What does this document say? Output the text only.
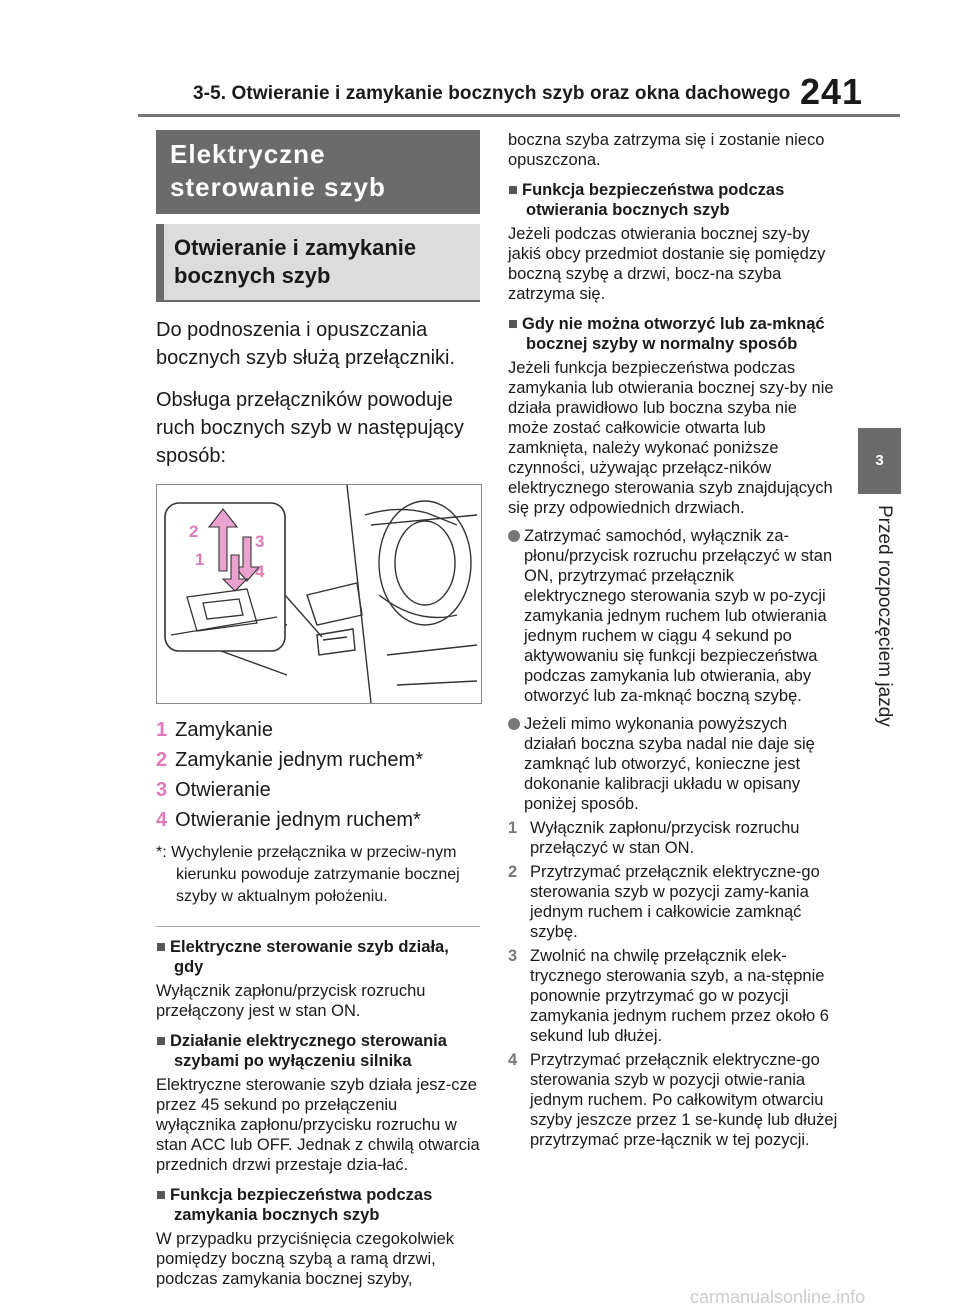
3-5. Otwieranie i zamykanie bocznych szyb oraz okna dachowego 241
3
Przed rozpoczęciem jazdy
Elektryczne sterowanie szyb
Otwieranie i zamykanie bocznych szyb
Do podnoszenia i opuszczania bocznych szyb służą przełączniki.
Obsługa przełączników powoduje ruch bocznych szyb w następujący sposób:
2
3
1
4
1 Zamykanie
2 Zamykanie jednym ruchem*
3 Otwieranie
4 Otwieranie jednym ruchem*
*: Wychylenie przełącznika w przeciw-nym kierunku powoduje zatrzymanie bocznej szyby w aktualnym położeniu.
■ Elektryczne sterowanie szyb działa, gdy
Wyłącznik zapłonu/przycisk rozruchu przełączony jest w stan ON.
■ Działanie elektrycznego sterowania szybami po wyłączeniu silnika
Elektryczne sterowanie szyb działa jesz-cze przez 45 sekund po przełączeniu wyłącznika zapłonu/przycisku rozruchu w stan ACC lub OFF. Jednak z chwilą otwarcia przednich drzwi przestaje dzia-łać.
■ Funkcja bezpieczeństwa podczas zamykania bocznych szyb
W przypadku przyciśnięcia czegokolwiek pomiędzy boczną szybą a ramą drzwi, podczas zamykania bocznej szyby,
boczna szyba zatrzyma się i zostanie nieco opuszczona.
■ Funkcja bezpieczeństwa podczas otwierania bocznych szyb
Jeżeli podczas otwierania bocznej szy-by jakiś obcy przedmiot dostanie się pomiędzy boczną szybę a drzwi, bocz-na szyba zatrzyma się.
■ Gdy nie można otworzyć lub za-mknąć bocznej szyby w normalny sposób
Jeżeli funkcja bezpieczeństwa podczas zamykania lub otwierania bocznej szy-by nie działa prawidłowo lub boczna szyba nie może zostać całkowicie otwarta lub zamknięta, należy wykonać poniższe czynności, używając przełącz-ników elektrycznego sterowania szyb znajdujących się przy odpowiednich drzwiach.
Zatrzymać samochód, wyłącznik za-płonu/przycisk rozruchu przełączyć w stan ON, przytrzymać przełącznik elektrycznego sterowania szyb w po-zycji zamykania jednym ruchem lub otwierania jednym ruchem w ciągu 4 sekund po aktywowaniu się funkcji bezpieczeństwa podczas zamykania lub otwierania, aby otworzyć lub za-mknąć boczną szybę.
Jeżeli mimo wykonania powyższych działań boczna szyba nadal nie daje się zamknąć lub otworzyć, konieczne jest dokonanie kalibracji układu w opisany poniżej sposób.
1 Wyłącznik zapłonu/przycisk rozruchu przełączyć w stan ON.
2 Przytrzymać przełącznik elektryczne-go sterowania szyb w pozycji zamy-kania jednym ruchem i całkowicie zamknąć szybę.
3 Zwolnić na chwilę przełącznik elek-trycznego sterowania szyb, a na-stępnie ponownie przytrzymać go w pozycji zamykania jednym ruchem przez około 6 sekund lub dłużej.
4 Przytrzymać przełącznik elektryczne-go sterowania szyb w pozycji otwie-rania jednym ruchem. Po całkowitym otwarciu szyby jeszcze przez 1 se-kundę lub dłużej przytrzymać prze-łącznik w tej pozycji.
carmanualsonline.info
